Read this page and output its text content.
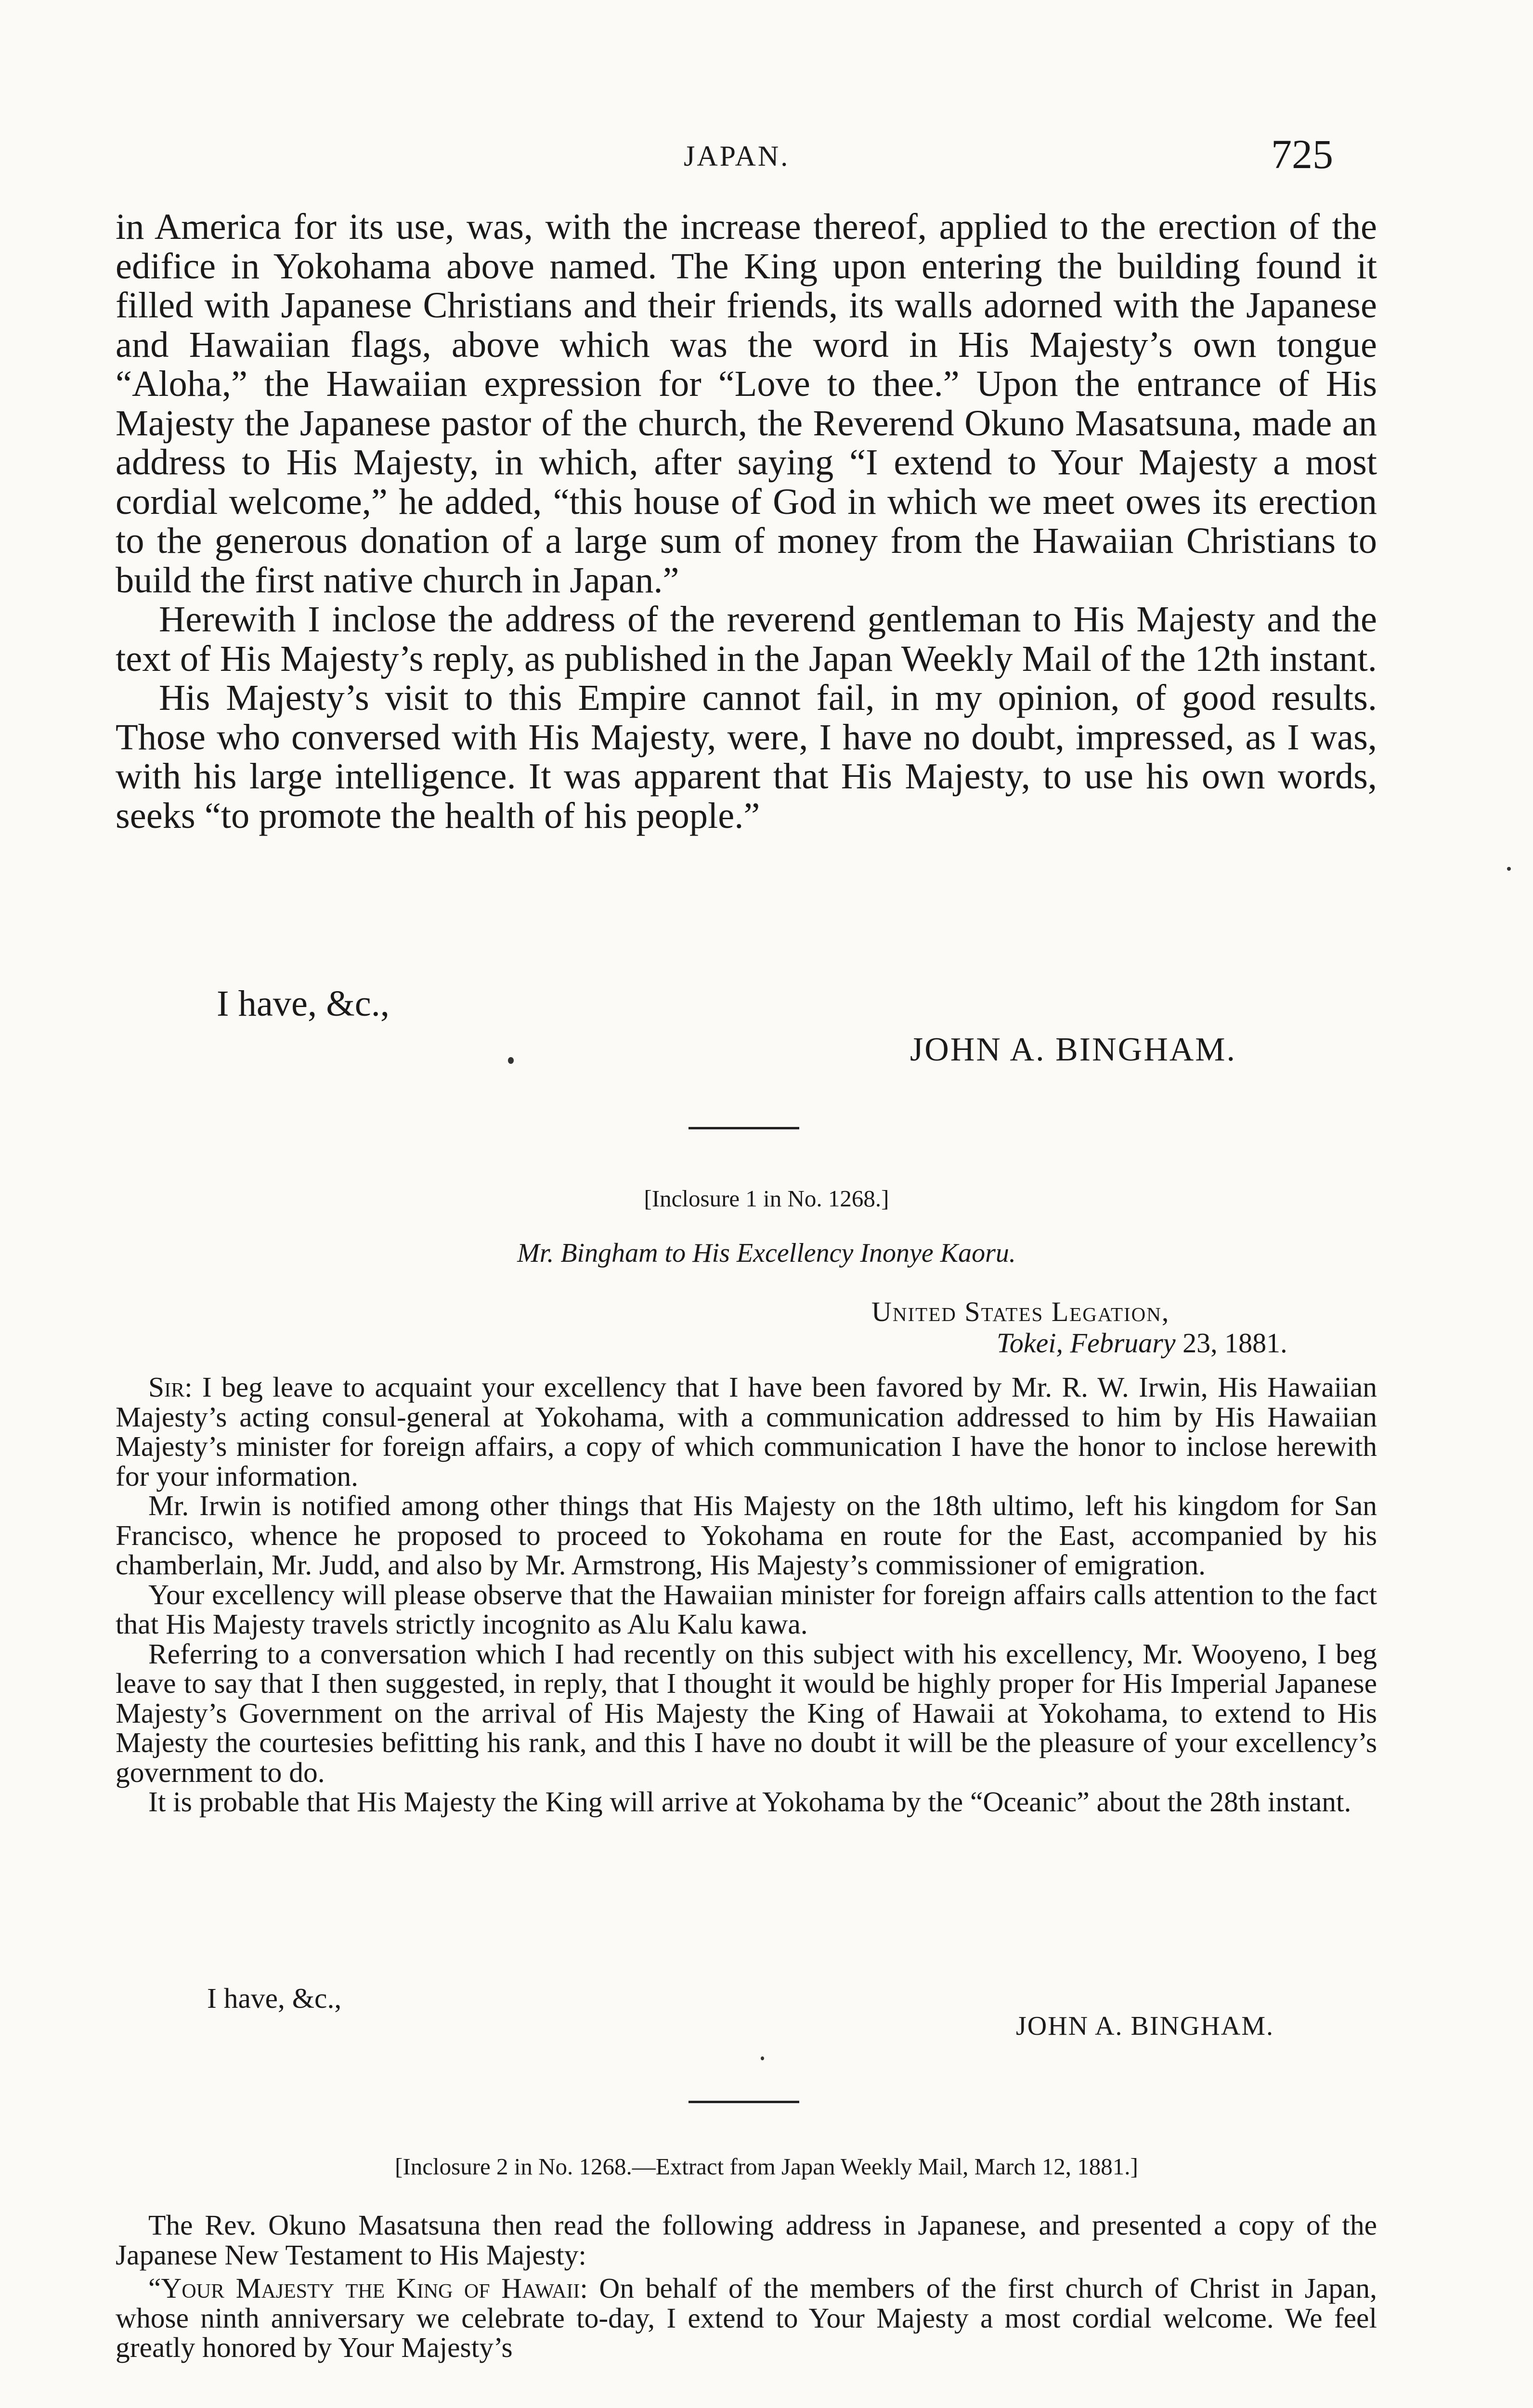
JAPAN.	725

in America for its use, was, with the increase thereof, applied to the erection of the edifice in Yokohama above named. The King upon entering the building found it filled with Japanese Christians and their friends, its walls adorned with the Japanese and Hawaiian flags, above which was the word in His Majesty’s own tongue “Aloha,” the Hawaiian expression for “Love to thee.” Upon the entrance of His Majesty the Japanese pastor of the church, the Reverend Okuno Masatsuna, made an address to His Majesty, in which, after saying “I extend to Your Majesty a most cordial welcome,” he added, “this house of God in which we meet owes its erection to the generous donation of a large sum of money from the Hawaiian Christians to build the first native church in Japan.”

Herewith I inclose the address of the reverend gentleman to His Majesty and the text of His Majesty’s reply, as published in the Japan Weekly Mail of the 12th instant.

His Majesty’s visit to this Empire cannot fail, in my opinion, of good results. Those who conversed with His Majesty, were, I have no doubt, impressed, as I was, with his large intelligence. It was apparent that His Majesty, to use his own words, seeks “to promote the health of his people.”

I have, &c.,
JOHN A. BINGHAM.
[Inclosure 1 in No. 1268.]
Mr. Bingham to His Excellency Inonye Kaoru.
United States Legation,
Tokei, February 23, 1881.

Sir: I beg leave to acquaint your excellency that I have been favored by Mr. R. W. Irwin, His Hawaiian Majesty’s acting consul-general at Yokohama, with a communication addressed to him by His Hawaiian Majesty’s minister for foreign affairs, a copy of which communication I have the honor to inclose herewith for your information.

Mr. Irwin is notified among other things that His Majesty on the 18th ultimo, left his kingdom for San Francisco, whence he proposed to proceed to Yokohama en route for the East, accompanied by his chamberlain, Mr. Judd, and also by Mr. Armstrong, His Majesty’s commissioner of emigration.

Your excellency will please observe that the Hawaiian minister for foreign affairs calls attention to the fact that His Majesty travels strictly incognito as Alu Kalu kawa.

Referring to a conversation which I had recently on this subject with his excellency, Mr. Wooyeno, I beg leave to say that I then suggested, in reply, that I thought it would be highly proper for His Imperial Japanese Majesty’s Government on the arrival of His Majesty the King of Hawaii at Yokohama, to extend to His Majesty the courtesies befitting his rank, and this I have no doubt it will be the pleasure of your excellency’s government to do.

It is probable that His Majesty the King will arrive at Yokohama by the “Oceanic” about the 28th instant.

I have, &c.,
JOHN A. BINGHAM.
[Inclosure 2 in No. 1268.—Extract from Japan Weekly Mail, March 12, 1881.]

The Rev. Okuno Masatsuna then read the following address in Japanese, and presented a copy of the Japanese New Testament to His Majesty:

“Your Majesty the King of Hawaii: On behalf of the members of the first church of Christ in Japan, whose ninth anniversary we celebrate to-day, I extend to Your Majesty a most cordial welcome. We feel greatly honored by Your Majesty’s
